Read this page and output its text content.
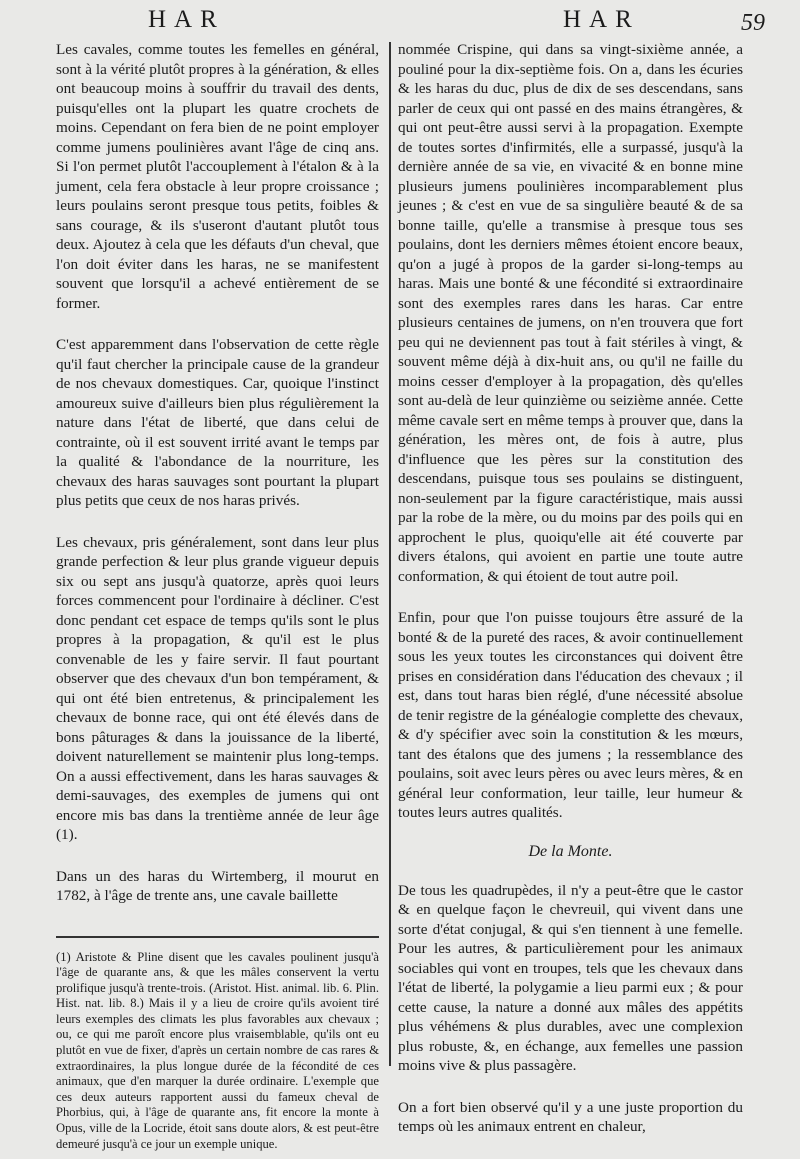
HAR	HAR	59

Les cavales, comme toutes les femelles en général, sont à la vérité plutôt propres à la génération, & elles ont beaucoup moins à souffrir du travail des dents, puisqu'elles ont la plupart les quatre crochets de moins. Cependant on fera bien de ne point employer comme jumens poulinières avant l'âge de cinq ans. Si l'on permet plutôt l'accouplement à l'étalon & à la jument, cela fera obstacle à leur propre croissance ; leurs poulains seront presque tous petits, foibles & sans courage, & ils s'useront d'autant plutôt tous deux. Ajoutez à cela que les défauts d'un cheval, que l'on doit éviter dans les haras, ne se manifestent souvent que lorsqu'il a achevé entièrement de se former.

C'est apparemment dans l'observation de cette règle qu'il faut chercher la principale cause de la grandeur de nos chevaux domestiques. Car, quoique l'instinct amoureux suive d'ailleurs bien plus régulièrement la nature dans l'état de liberté, que dans celui de contrainte, où il est souvent irrité avant le temps par la qualité & l'abondance de la nourriture, les chevaux des haras sauvages sont pourtant la plupart plus petits que ceux de nos haras privés.

Les chevaux, pris généralement, sont dans leur plus grande perfection & leur plus grande vigueur depuis six ou sept ans jusqu'à quatorze, après quoi leurs forces commencent pour l'ordinaire à décliner. C'est donc pendant cet espace de temps qu'ils sont le plus propres à la propagation, & qu'il est le plus convenable de les y faire servir. Il faut pourtant observer que des chevaux d'un bon tempérament, & qui ont été bien entretenus, & principalement les chevaux de bonne race, qui ont été élevés dans de bons pâturages & dans la jouissance de la liberté, doivent naturellement se maintenir plus long-temps. On a aussi effectivement, dans les haras sauvages & demi-sauvages, des exemples de jumens qui ont encore mis bas dans la trentième année de leur âge (1).

Dans un des haras du Wirtemberg, il mourut en 1782, à l'âge de trente ans, une cavale baillette

(1) Aristote & Pline disent que les cavales poulinent jusqu'à l'âge de quarante ans, & que les mâles conservent la vertu prolifique jusqu'à trente-trois. (Aristot. Hist. animal. lib. 6. Plin. Hist. nat. lib. 8.) Mais il y a lieu de croire qu'ils avoient tiré leurs exemples des climats les plus favorables aux chevaux ; ou, ce qui me paroît encore plus vraisemblable, qu'ils ont eu plutôt en vue de fixer, d'après un certain nombre de cas rares & extraordinaires, la plus longue durée de la fécondité de ces animaux, que d'en marquer la durée ordinaire. L'exemple que ces deux auteurs rapportent aussi du fameux cheval de Phorbius, qui, à l'âge de quarante ans, fit encore la monte à Opus, ville de la Locride, étoit sans doute alors, & est peut-être demeuré jusqu'à ce jour un exemple unique.

nommée Crispine, qui dans sa vingt-sixième année, a pouliné pour la dix-septième fois. On a, dans les écuries & les haras du duc, plus de dix de ses descendans, sans parler de ceux qui ont passé en des mains étrangères, & qui ont peut-être aussi servi à la propagation. Exempte de toutes sortes d'infirmités, elle a surpassé, jusqu'à la dernière année de sa vie, en vivacité & en bonne mine plusieurs jumens poulinières incomparablement plus jeunes ; & c'est en vue de sa singulière beauté & de sa bonne taille, qu'elle a transmise à presque tous ses poulains, dont les derniers mêmes étoient encore beaux, qu'on a jugé à propos de la garder si-long-temps au haras. Mais une bonté & une fécondité si extraordinaire sont des exemples rares dans les haras. Car entre plusieurs centaines de jumens, on n'en trouvera que fort peu qui ne deviennent pas tout à fait stériles à vingt, & souvent même déjà à dix-huit ans, ou qu'il ne faille du moins cesser d'employer à la propagation, dès qu'elles sont au-delà de leur quinzième ou seizième année. Cette même cavale sert en même temps à prouver que, dans la génération, les mères ont, de fois à autre, plus d'influence que les pères sur la constitution des descendans, puisque tous ses poulains se distinguent, non-seulement par la figure caractéristique, mais aussi par la robe de la mère, ou du moins par des poils qui en approchent le plus, quoiqu'elle ait été couverte par divers étalons, qui avoient en partie une toute autre conformation, & qui étoient de tout autre poil.

Enfin, pour que l'on puisse toujours être assuré de la bonté & de la pureté des races, & avoir continuellement sous les yeux toutes les circonstances qui doivent être prises en considération dans l'éducation des chevaux ; il est, dans tout haras bien réglé, d'une nécessité absolue de tenir registre de la généalogie complette des chevaux, & d'y spécifier avec soin la constitution & les mœurs, tant des étalons que des jumens ; la ressemblance des poulains, soit avec leurs pères ou avec leurs mères, & en général leur conformation, leur taille, leur humeur & toutes leurs autres qualités.

De la Monte.

De tous les quadrupèdes, il n'y a peut-être que le castor & en quelque façon le chevreuil, qui vivent dans une sorte d'état conjugal, & qui s'en tiennent à une femelle. Pour les autres, & particulièrement pour les animaux sociables qui vont en troupes, tels que les chevaux dans l'état de liberté, la polygamie a lieu parmi eux ; & pour cette cause, la nature a donné aux mâles des appétits plus véhémens & plus durables, avec une complexion plus robuste, &, en échange, aux femelles une passion moins vive & plus passagère.

On a fort bien observé qu'il y a une juste proportion du temps où les animaux entrent en chaleur,
